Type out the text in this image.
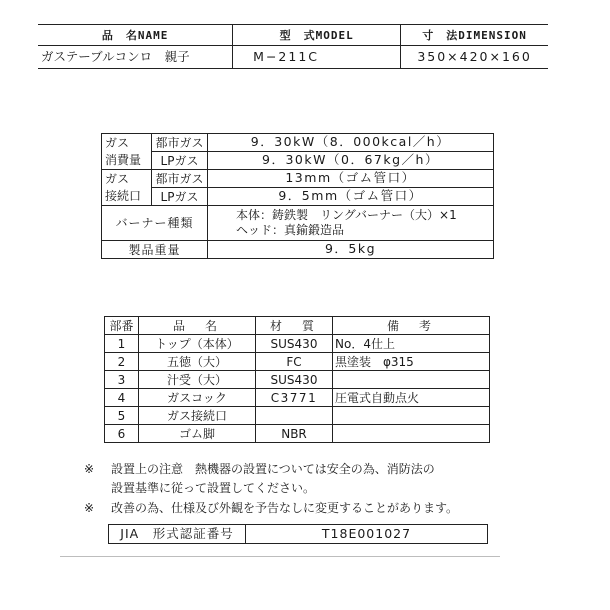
品　名NAME	型　式MODEL	寸　法DIMENSION
ガステーブルコンロ　親子	M−211C	350×420×160
ガス
消費量	都市ガス	9．30kW（8．000kcal／h）
	LPガス	9．30kW（0．67kg／h）

ガス
接続口	都市ガス	13mm（ゴム管口）
	LPガス	9．5mm（ゴム管口）
バーナー種類		本体：鋳鉄製　リングバーナー（大）×1
ヘッド：真鍮鍛造品

製品重量		9．5kg
部番	品　名	材　質	備　考
1	トップ（本体）	SUS430	No．4仕上
2	五徳（大）	FC	黒塗装　φ315
3	汁受（大）	SUS430	
4	ガスコック	C3771	圧電式自動点火
5	ガス接続口		
6	ゴム脚	NBR	
※ 設置上の注意　熱機器の設置については安全の為、消防法の
設置基準に従って設置してください。
※ 改善の為、仕様及び外観を予告なしに変更することがあります。
JIA　形式認証番号	T18E001027
